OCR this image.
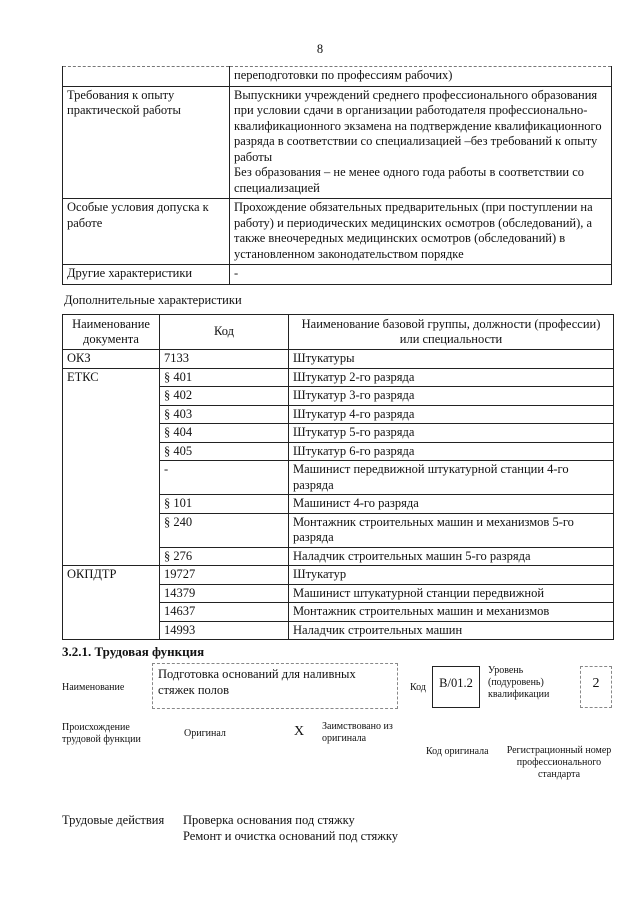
8
	переподготовки по профессиям рабочих)
Требования к опыту практической работы	Выпускники учреждений среднего профессионального образования при условии сдачи в организации работодателя профессионально-квалификационного экзамена на подтверждение квалификационного разряда в соответствии со специализацией –без требований к опыту работы
Без образования – не менее одного года работы в соответствии со специализацией

Особые условия допуска к работе	Прохождение обязательных предварительных (при поступлении на работу) и периодических медицинских осмотров (обследований), а также внеочередных медицинских осмотров (обследований) в установленном законодательством порядке
Другие характеристики	-
Дополнительные характеристики
Наименование документа	Код	Наименование базовой группы, должности (профессии) или специальности
ОКЗ	7133	Штукатуры
ЕТКС	§ 401	Штукатур 2-го разряда
	§ 402	Штукатур 3-го разряда
	§ 403	Штукатур 4-го разряда
	§ 404	Штукатур 5-го разряда
	§ 405	Штукатур 6-го разряда
	-	Машинист передвижной штукатурной станции 4-го разряда
	§ 101	Машинист 4-го разряда
	§ 240	Монтажник строительных машин и механизмов 5-го разряда
	§ 276	Наладчик строительных машин 5-го разряда
ОКПДТР	19727	Штукатур
	14379	Машинист штукатурной станции передвижной
	14637	Монтажник строительных машин и механизмов
	14993	Наладчик строительных машин
3.2.1. Трудовая функция
Наименование
Подготовка оснований для наливных стяжек полов	Код	В/01.2
Уровень (подуровень) квалификации
2
Происхождение трудовой функции
Оригинал	X Заимствовано из оригинала
Код оригинала Регистрационный номер профессионального стандарта
Трудовые действия Проверка основания под стяжку
Ремонт и очистка оснований под стяжку
